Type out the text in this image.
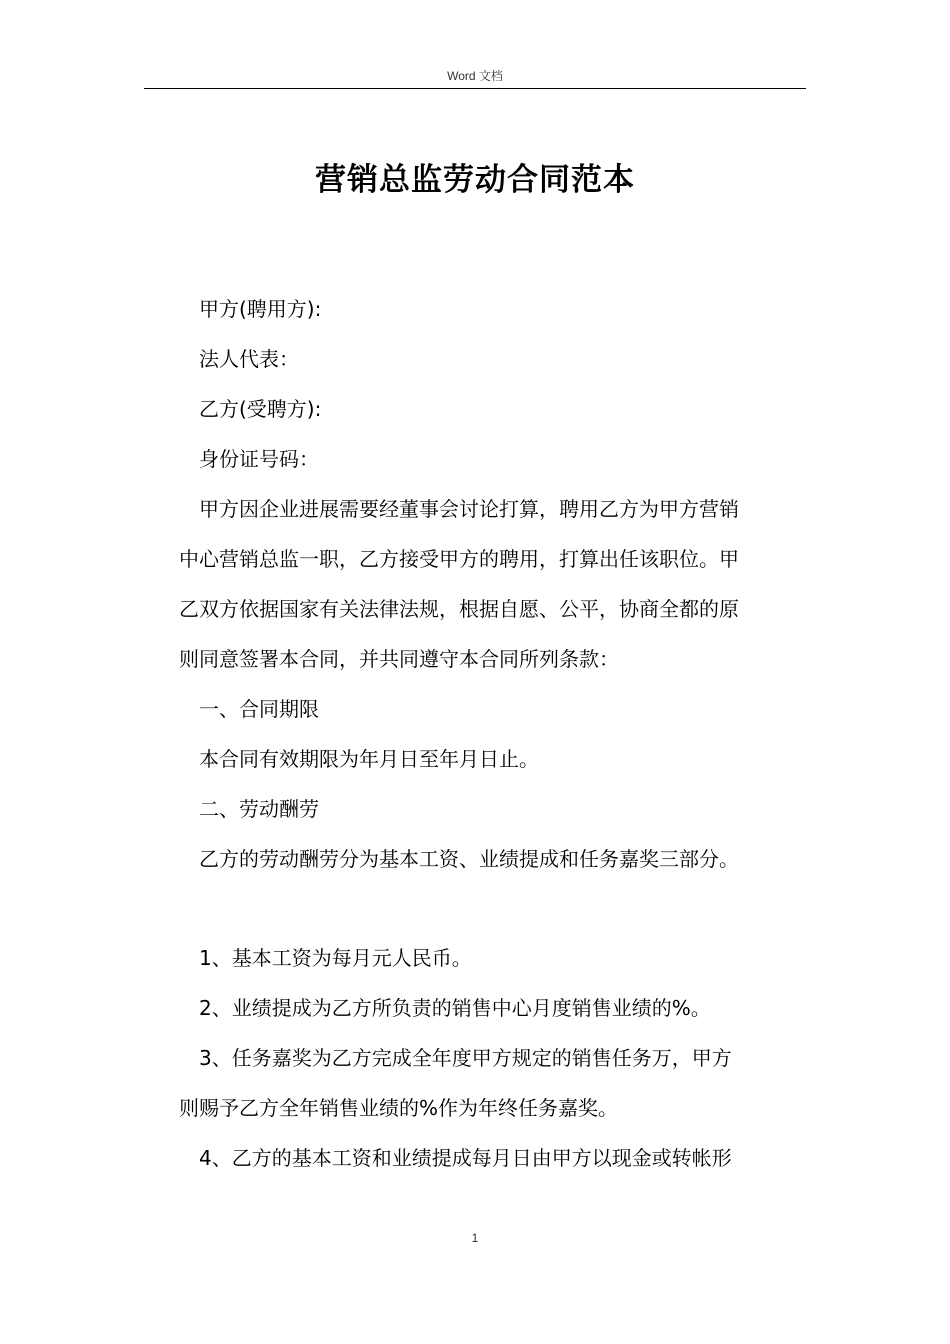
Word 文档
营销总监劳动合同范本
甲方(聘用方):
法人代表：
乙方(受聘方):
身份证号码：
甲方因企业进展需要经董事会讨论打算，聘用乙方为甲方营销
中心营销总监一职，乙方接受甲方的聘用，打算出任该职位。甲
乙双方依据国家有关法律法规，根据自愿、公平，协商全都的原
则同意签署本合同，并共同遵守本合同所列条款：
一、合同期限
本合同有效期限为年月日至年月日止。
二、劳动酬劳
乙方的劳动酬劳分为基本工资、业绩提成和任务嘉奖三部分。
1、基本工资为每月元人民币。
2、业绩提成为乙方所负责的销售中心月度销售业绩的%。
3、任务嘉奖为乙方完成全年度甲方规定的销售任务万，甲方
则赐予乙方全年销售业绩的%作为年终任务嘉奖。
4、乙方的基本工资和业绩提成每月日由甲方以现金或转帐形
1
